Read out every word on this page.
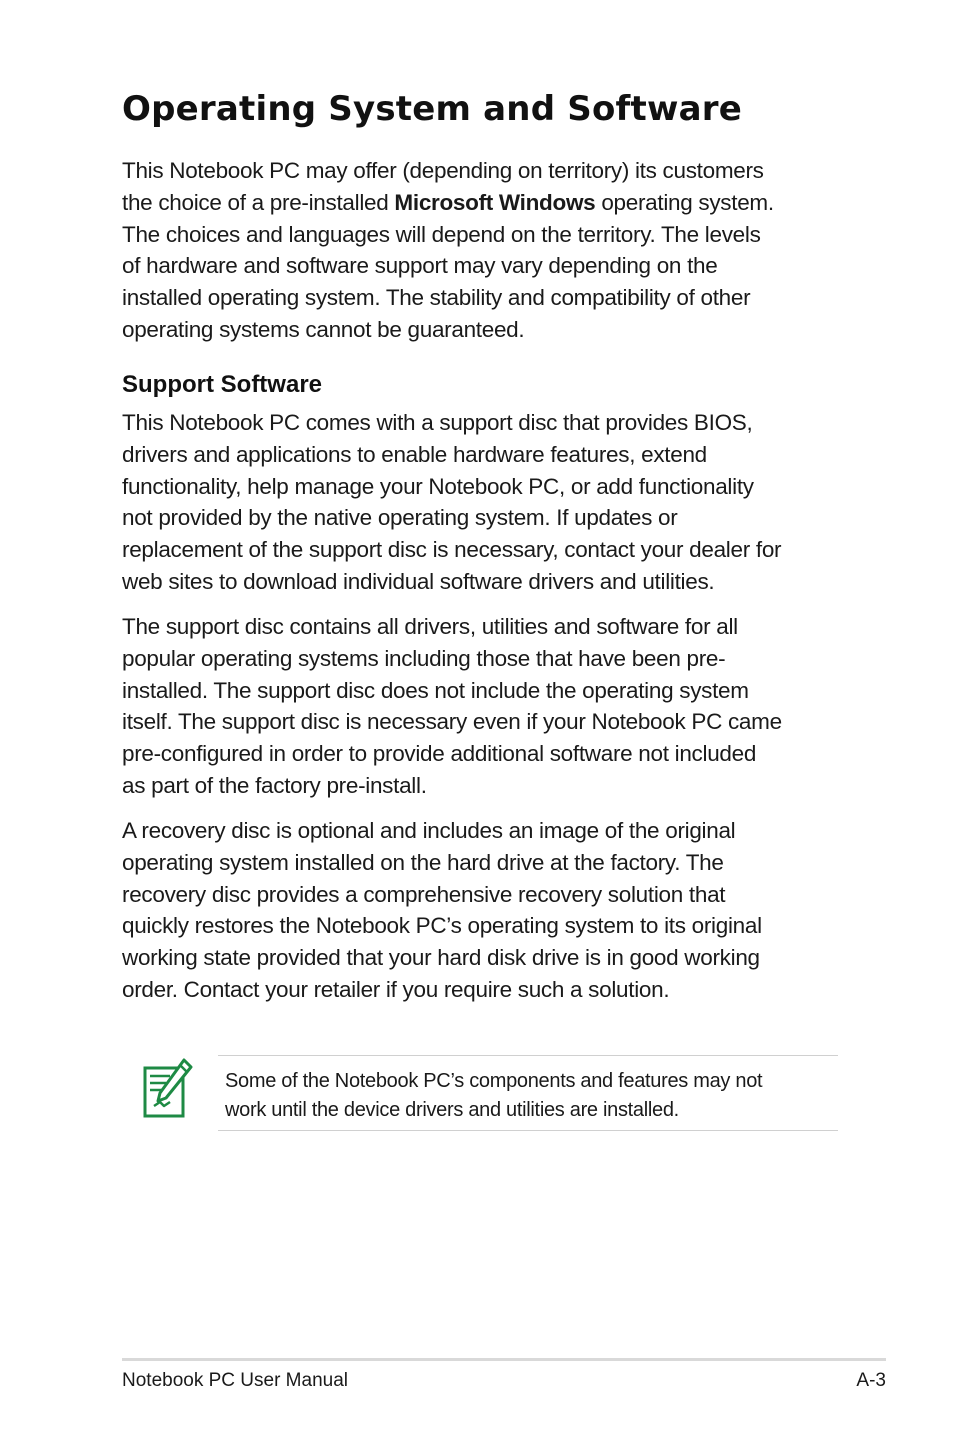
Operating System and Software

This Notebook PC may offer (depending on territory) its customers
the choice of a pre-installed Microsoft Windows operating system.
The choices and languages will depend on the territory. The levels
of hardware and software support may vary depending on the
installed operating system. The stability and compatibility of other
operating systems cannot be guaranteed.

Support Software

This Notebook PC comes with a support disc that provides BIOS,
drivers and applications to enable hardware features, extend
functionality, help manage your Notebook PC, or add functionality
not provided by the native operating system. If updates or
replacement of the support disc is necessary, contact your dealer for
web sites to download individual software drivers and utilities.

The support disc contains all drivers, utilities and software for all
popular operating systems including those that have been pre-
installed. The support disc does not include the operating system
itself. The support disc is necessary even if your Notebook PC came
pre-configured in order to provide additional software not included
as part of the factory pre-install.

A recovery disc is optional and includes an image of the original
operating system installed on the hard drive at the factory. The
recovery disc provides a comprehensive recovery solution that
quickly restores the Notebook PC’s operating system to its original
working state provided that your hard disk drive is in good working
order. Contact your retailer if you require such a solution.

Some of the Notebook PC’s components and features may not
work until the device drivers and utilities are installed.

Notebook PC User Manual	A-3
